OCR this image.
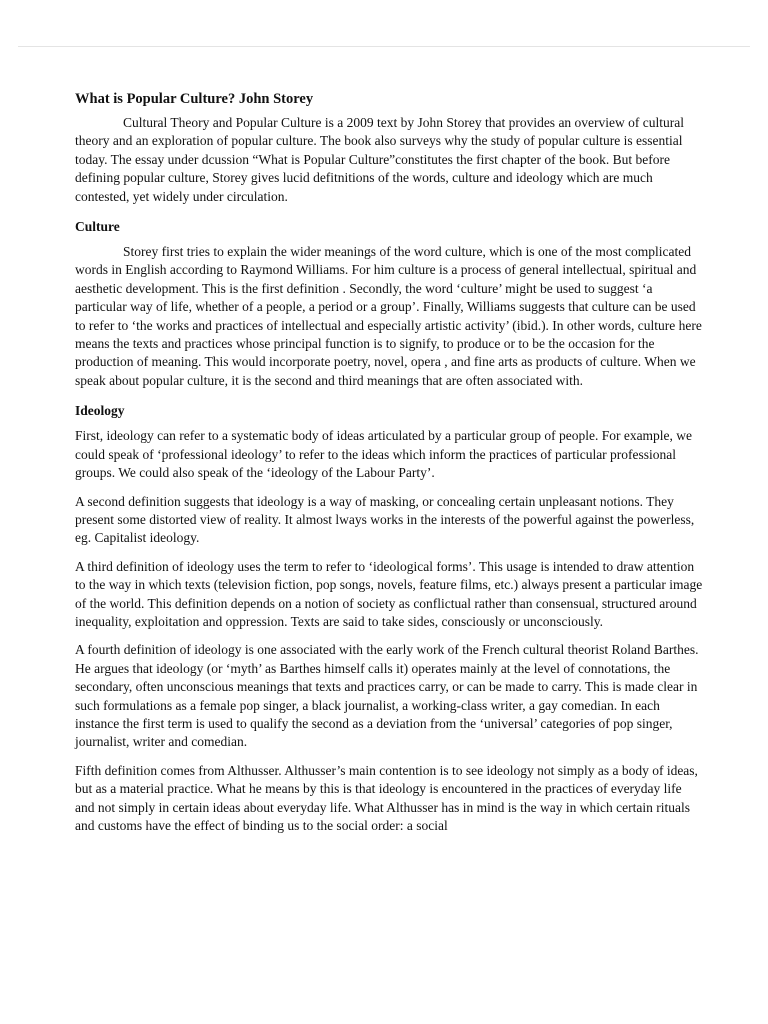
What is Popular Culture? John Storey

Cultural Theory and Popular Culture is a 2009 text by John Storey that provides an overview of cultural theory and an exploration of popular culture. The book also surveys why the study of popular culture is essential today. The essay under dcussion “What is Popular Culture”constitutes the first chapter of the book. But before defining popular culture, Storey gives lucid defitnitions of the words, culture and ideology which are much contested, yet widely under circulation.

Culture

Storey first tries to explain the wider meanings of the word culture, which is one of the most complicated words in English according to Raymond Williams. For him culture is a process of general intellectual, spiritual and aesthetic development. This is the first definition . Secondly, the word ‘culture’ might be used to suggest ‘a particular way of life, whether of a people, a period or a group’. Finally, Williams suggests that culture can be used to refer to ‘the works and practices of intellectual and especially artistic activity’ (ibid.). In other words, culture here means the texts and practices whose principal function is to signify, to produce or to be the occasion for the production of meaning. This would incorporate poetry, novel, opera , and fine arts as products of culture. When we speak about popular culture, it is the second and third meanings that are often associated with.

Ideology

First, ideology can refer to a systematic body of ideas articulated by a particular group of people. For example, we could speak of ‘professional ideology’ to refer to the ideas which inform the practices of particular professional groups. We could also speak of the ‘ideology of the Labour Party’.

A second definition suggests that ideology is a way of masking, or concealing certain unpleasant notions. They present some distorted view of reality. It almost lways works in the interests of the powerful against the powerless, eg. Capitalist ideology.

A third definition of ideology uses the term to refer to ‘ideological forms’. This usage is intended to draw attention to the way in which texts (television fiction, pop songs, novels, feature films, etc.) always present a particular image of the world. This definition depends on a notion of society as conflictual rather than consensual, structured around inequality, exploitation and oppression. Texts are said to take sides, consciously or unconsciously.

A fourth definition of ideology is one associated with the early work of the French cultural theorist Roland Barthes. He argues that ideology (or ‘myth’ as Barthes himself calls it) operates mainly at the level of connotations, the secondary, often unconscious meanings that texts and practices carry, or can be made to carry. This is made clear in such formulations as a female pop singer, a black journalist, a working-class writer, a gay comedian. In each instance the first term is used to qualify the second as a deviation from the ‘universal’ categories of pop singer, journalist, writer and comedian.

Fifth definition comes from Althusser. Althusser’s main contention is to see ideology not simply as a body of ideas, but as a material practice. What he means by this is that ideology is encountered in the practices of everyday life and not simply in certain ideas about everyday life. What Althusser has in mind is the way in which certain rituals and customs have the effect of binding us to the social order: a social
